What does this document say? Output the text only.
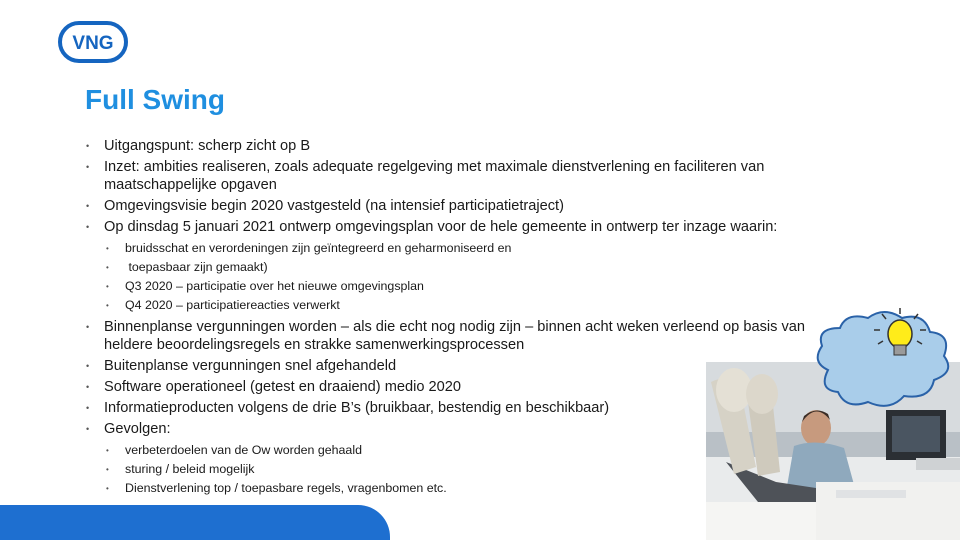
VNG
Full Swing
• Uitgangspunt: scherp zicht op B
• Inzet: ambities realiseren, zoals adequate regelgeving met maximale dienstverlening en faciliteren van maatschappelijke opgaven
• Omgevingsvisie begin 2020 vastgesteld (na intensief participatietraject)
• Op dinsdag 5 januari 2021 ontwerp omgevingsplan voor de hele gemeente in ontwerp ter inzage waarin:
• bruidsschat en verordeningen zijn geïntegreerd en geharmoniseerd en
•  toepasbaar zijn gemaakt)
• Q3 2020 – participatie over het nieuwe omgevingsplan
• Q4 2020 – participatiereacties verwerkt
• Binnenplanse vergunningen worden – als die echt nog nodig zijn – binnen acht weken verleend op basis van heldere beoordelingsregels en strakke samenwerkingsprocessen
• Buitenplanse vergunningen snel afgehandeld
• Software operationeel (getest en draaiend) medio 2020
• Informatieproducten volgens de drie B’s (bruikbaar, bestendig en beschikbaar)
• Gevolgen:
• verbeterdoelen van de Ow worden gehaald
• sturing / beleid mogelijk
• Dienstverlening top / toepasbare regels, vragenbomen etc.
